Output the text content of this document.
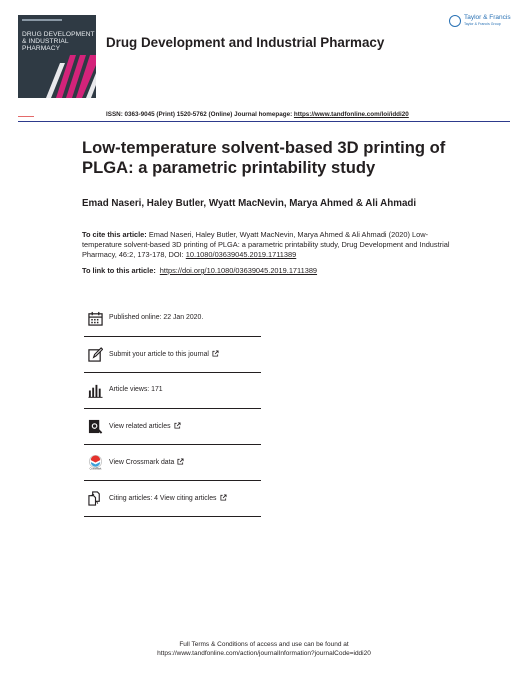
DRUG DEVELOPMENT & INDUSTRIAL PHARMACY	Drug Development and Industrial Pharmacy
Taylor & Francis
Taylor & Francis Group
ISSN: 0363-9045 (Print) 1520-5762 (Online) Journal homepage: https://www.tandfonline.com/loi/iddi20
Low-temperature solvent-based 3D printing of PLGA: a parametric printability study
Emad Naseri, Haley Butler, Wyatt MacNevin, Marya Ahmed & Ali Ahmadi
To cite this article: Emad Naseri, Haley Butler, Wyatt MacNevin, Marya Ahmed & Ali Ahmadi (2020) Low-temperature solvent-based 3D printing of PLGA: a parametric printability study, Drug Development and Industrial Pharmacy, 46:2, 173-178, DOI: 10.1080/03639045.2019.1711389
To link to this article: https://doi.org/10.1080/03639045.2019.1711389
Published online: 22 Jan 2020.
Submit your article to this journal
Article views: 171
View related articles
CrossMark
View Crossmark data
Citing articles: 4 View citing articles
Full Terms & Conditions of access and use can be found at
https://www.tandfonline.com/action/journalInformation?journalCode=iddi20
